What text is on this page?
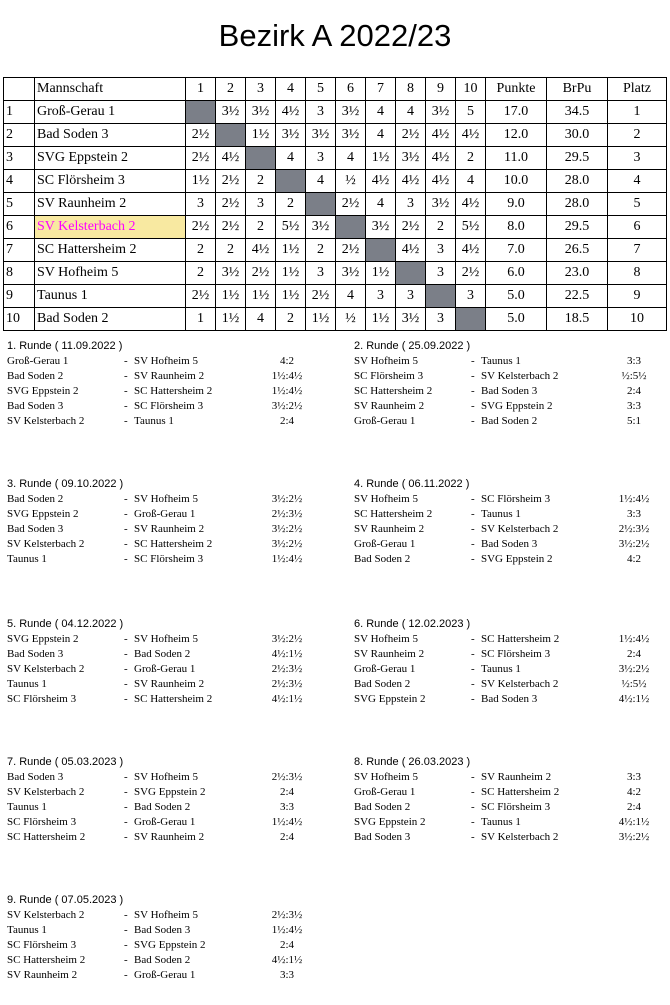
Bezirk A 2022/23
	Mannschaft	1	2	3	4	5	6	7	8	9	10	Punkte	BrPu	Platz
1	Groß-Gerau 1		3½	3½	4½	3	3½	4	4	3½	5	17.0	34.5	1
2	Bad Soden 3	2½		1½	3½	3½	3½	4	2½	4½	4½	12.0	30.0	2
3	SVG Eppstein 2	2½	4½		4	3	4	1½	3½	4½	2	11.0	29.5	3
4	SC Flörsheim 3	1½	2½	2		4	½	4½	4½	4½	4	10.0	28.0	4
5	SV Raunheim 2	3	2½	3	2		2½	4	3	3½	4½	9.0	28.0	5
6	SV Kelsterbach 2	2½	2½	2	5½	3½		3½	2½	2	5½	8.0	29.5	6
7	SC Hattersheim 2	2	2	4½	1½	2	2½		4½	3	4½	7.0	26.5	7
8	SV Hofheim 5	2	3½	2½	1½	3	3½	1½		3	2½	6.0	23.0	8
9	Taunus 1	2½	1½	1½	1½	2½	4	3	3		3	5.0	22.5	9
10	Bad Soden 2	1	1½	4	2	1½	½	1½	3½	3		5.0	18.5	10
1. Runde ( 11.09.2022 )
Groß-Gerau 1	- SV Hofheim 5	4:2
Bad Soden 2	- SV Raunheim 2	1½:4½
SVG Eppstein 2	- SC Hattersheim 2	1½:4½
Bad Soden 3	- SC Flörsheim 3	3½:2½
SV Kelsterbach 2	- Taunus 1	2:4
2. Runde ( 25.09.2022 )
SV Hofheim 5	- Taunus 1	3:3
SC Flörsheim 3	- SV Kelsterbach 2	½:5½
SC Hattersheim 2	- Bad Soden 3	2:4
SV Raunheim 2	- SVG Eppstein 2	3:3
Groß-Gerau 1	- Bad Soden 2	5:1
3. Runde ( 09.10.2022 )
Bad Soden 2	- SV Hofheim 5	3½:2½
SVG Eppstein 2	- Groß-Gerau 1	2½:3½
Bad Soden 3	- SV Raunheim 2	3½:2½
SV Kelsterbach 2	- SC Hattersheim 2	3½:2½
Taunus 1	- SC Flörsheim 3	1½:4½
4. Runde ( 06.11.2022 )
SV Hofheim 5	- SC Flörsheim 3	1½:4½
SC Hattersheim 2	- Taunus 1	3:3
SV Raunheim 2	- SV Kelsterbach 2	2½:3½
Groß-Gerau 1	- Bad Soden 3	3½:2½
Bad Soden 2	- SVG Eppstein 2	4:2
5. Runde ( 04.12.2022 )
SVG Eppstein 2	- SV Hofheim 5	3½:2½
Bad Soden 3	- Bad Soden 2	4½:1½
SV Kelsterbach 2	- Groß-Gerau 1	2½:3½
Taunus 1	- SV Raunheim 2	2½:3½
SC Flörsheim 3	- SC Hattersheim 2	4½:1½
6. Runde ( 12.02.2023 )
SV Hofheim 5	- SC Hattersheim 2	1½:4½
SV Raunheim 2	- SC Flörsheim 3	2:4
Groß-Gerau 1	- Taunus 1	3½:2½
Bad Soden 2	- SV Kelsterbach 2	½:5½
SVG Eppstein 2	- Bad Soden 3	4½:1½
7. Runde ( 05.03.2023 )
Bad Soden 3	- SV Hofheim 5	2½:3½
SV Kelsterbach 2	- SVG Eppstein 2	2:4
Taunus 1	- Bad Soden 2	3:3
SC Flörsheim 3	- Groß-Gerau 1	1½:4½
SC Hattersheim 2	- SV Raunheim 2	2:4
8. Runde ( 26.03.2023 )
SV Hofheim 5	- SV Raunheim 2	3:3
Groß-Gerau 1	- SC Hattersheim 2	4:2
Bad Soden 2	- SC Flörsheim 3	2:4
SVG Eppstein 2	- Taunus 1	4½:1½
Bad Soden 3	- SV Kelsterbach 2	3½:2½
9. Runde ( 07.05.2023 )
SV Kelsterbach 2	- SV Hofheim 5	2½:3½
Taunus 1	- Bad Soden 3	1½:4½
SC Flörsheim 3	- SVG Eppstein 2	2:4
SC Hattersheim 2	- Bad Soden 2	4½:1½
SV Raunheim 2	- Groß-Gerau 1	3:3
